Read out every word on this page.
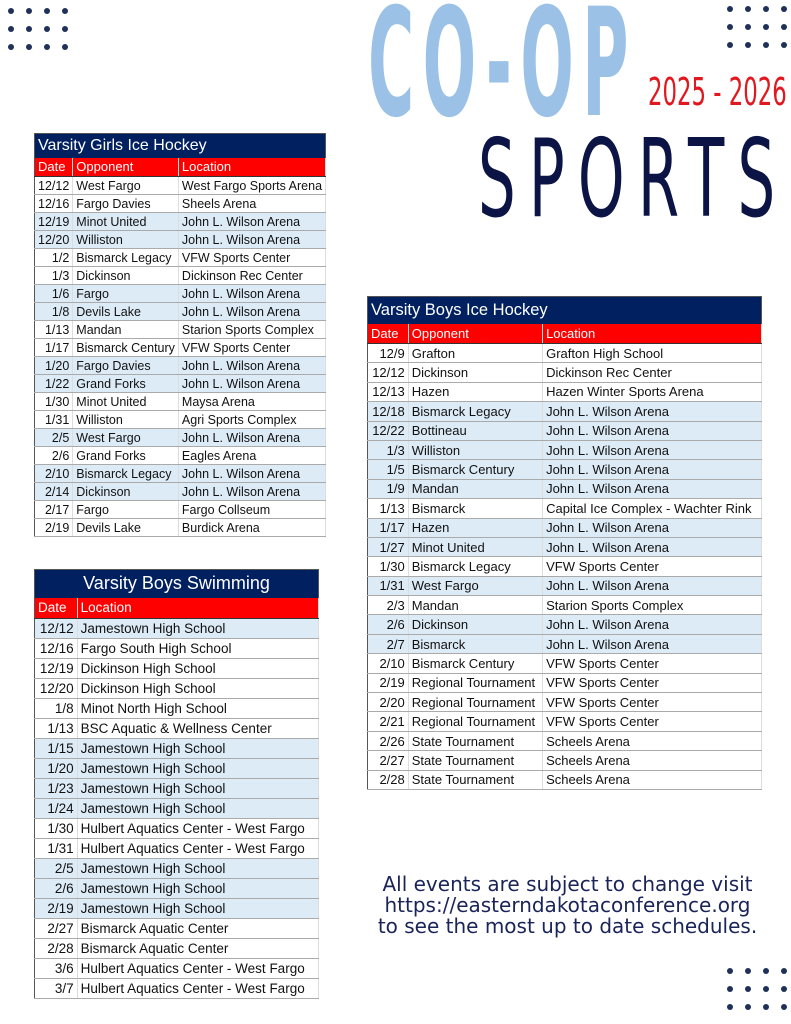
CO-OP 2025 - 2026
SPORTS
Varsity Girls Ice Hockey		
Date	Opponent	Location
12/12	West Fargo	West Fargo Sports Arena
12/16	Fargo Davies	Sheels Arena
12/19	Minot United	John L. Wilson Arena
12/20	Williston	John L. Wilson Arena
1/2	Bismarck Legacy	VFW Sports Center
1/3	Dickinson	Dickinson Rec Center
1/6	Fargo	John L. Wilson Arena
1/8	Devils Lake	John L. Wilson Arena
1/13	Mandan	Starion Sports Complex
1/17	Bismarck Century	VFW Sports Center
1/20	Fargo Davies	John L. Wilson Arena
1/22	Grand Forks	John L. Wilson Arena
1/30	Minot United	Maysa Arena
1/31	Williston	Agri Sports Complex
2/5	West Fargo	John L. Wilson Arena
2/6	Grand Forks	Eagles Arena
2/10	Bismarck Legacy	John L. Wilson Arena
2/14	Dickinson	John L. Wilson Arena
2/17	Fargo	Fargo Collseum
2/19	Devils Lake	Burdick Arena
Varsity Boys Ice Hockey		
Date	Opponent	Location
12/9	Grafton	Grafton High School
12/12	Dickinson	Dickinson Rec Center
12/13	Hazen	Hazen Winter Sports Arena
12/18	Bismarck Legacy	John L. Wilson Arena
12/22	Bottineau	John L. Wilson Arena
1/3	Williston	John L. Wilson Arena
1/5	Bismarck Century	John L. Wilson Arena
1/9	Mandan	John L. Wilson Arena
1/13	Bismarck	Capital Ice Complex - Wachter Rink
1/17	Hazen	John L. Wilson Arena
1/27	Minot United	John L. Wilson Arena
1/30	Bismarck Legacy	VFW Sports Center
1/31	West Fargo	John L. Wilson Arena
2/3	Mandan	Starion Sports Complex
2/6	Dickinson	John L. Wilson Arena
2/7	Bismarck	John L. Wilson Arena
2/10	Bismarck Century	VFW Sports Center
2/19	Regional Tournament	VFW Sports Center
2/20	Regional Tournament	VFW Sports Center
2/21	Regional Tournament	VFW Sports Center
2/26	State Tournament	Scheels Arena
2/27	State Tournament	Scheels Arena
2/28	State Tournament	Scheels Arena
Varsity Boys Swimming	
Date	Location
12/12	Jamestown High School
12/16	Fargo South High School
12/19	Dickinson High School
12/20	Dickinson High School
1/8	Minot North High School
1/13	BSC Aquatic & Wellness Center
1/15	Jamestown High School
1/20	Jamestown High School
1/23	Jamestown High School
1/24	Jamestown High School
1/30	Hulbert Aquatics Center - West Fargo
1/31	Hulbert Aquatics Center - West Fargo
2/5	Jamestown High School
2/6	Jamestown High School
2/19	Jamestown High School
2/27	Bismarck Aquatic Center
2/28	Bismarck Aquatic Center
3/6	Hulbert Aquatics Center - West Fargo
3/7	Hulbert Aquatics Center - West Fargo
All events are subject to change visit
https://easterndakotaconference.org
to see the most up to date schedules.
